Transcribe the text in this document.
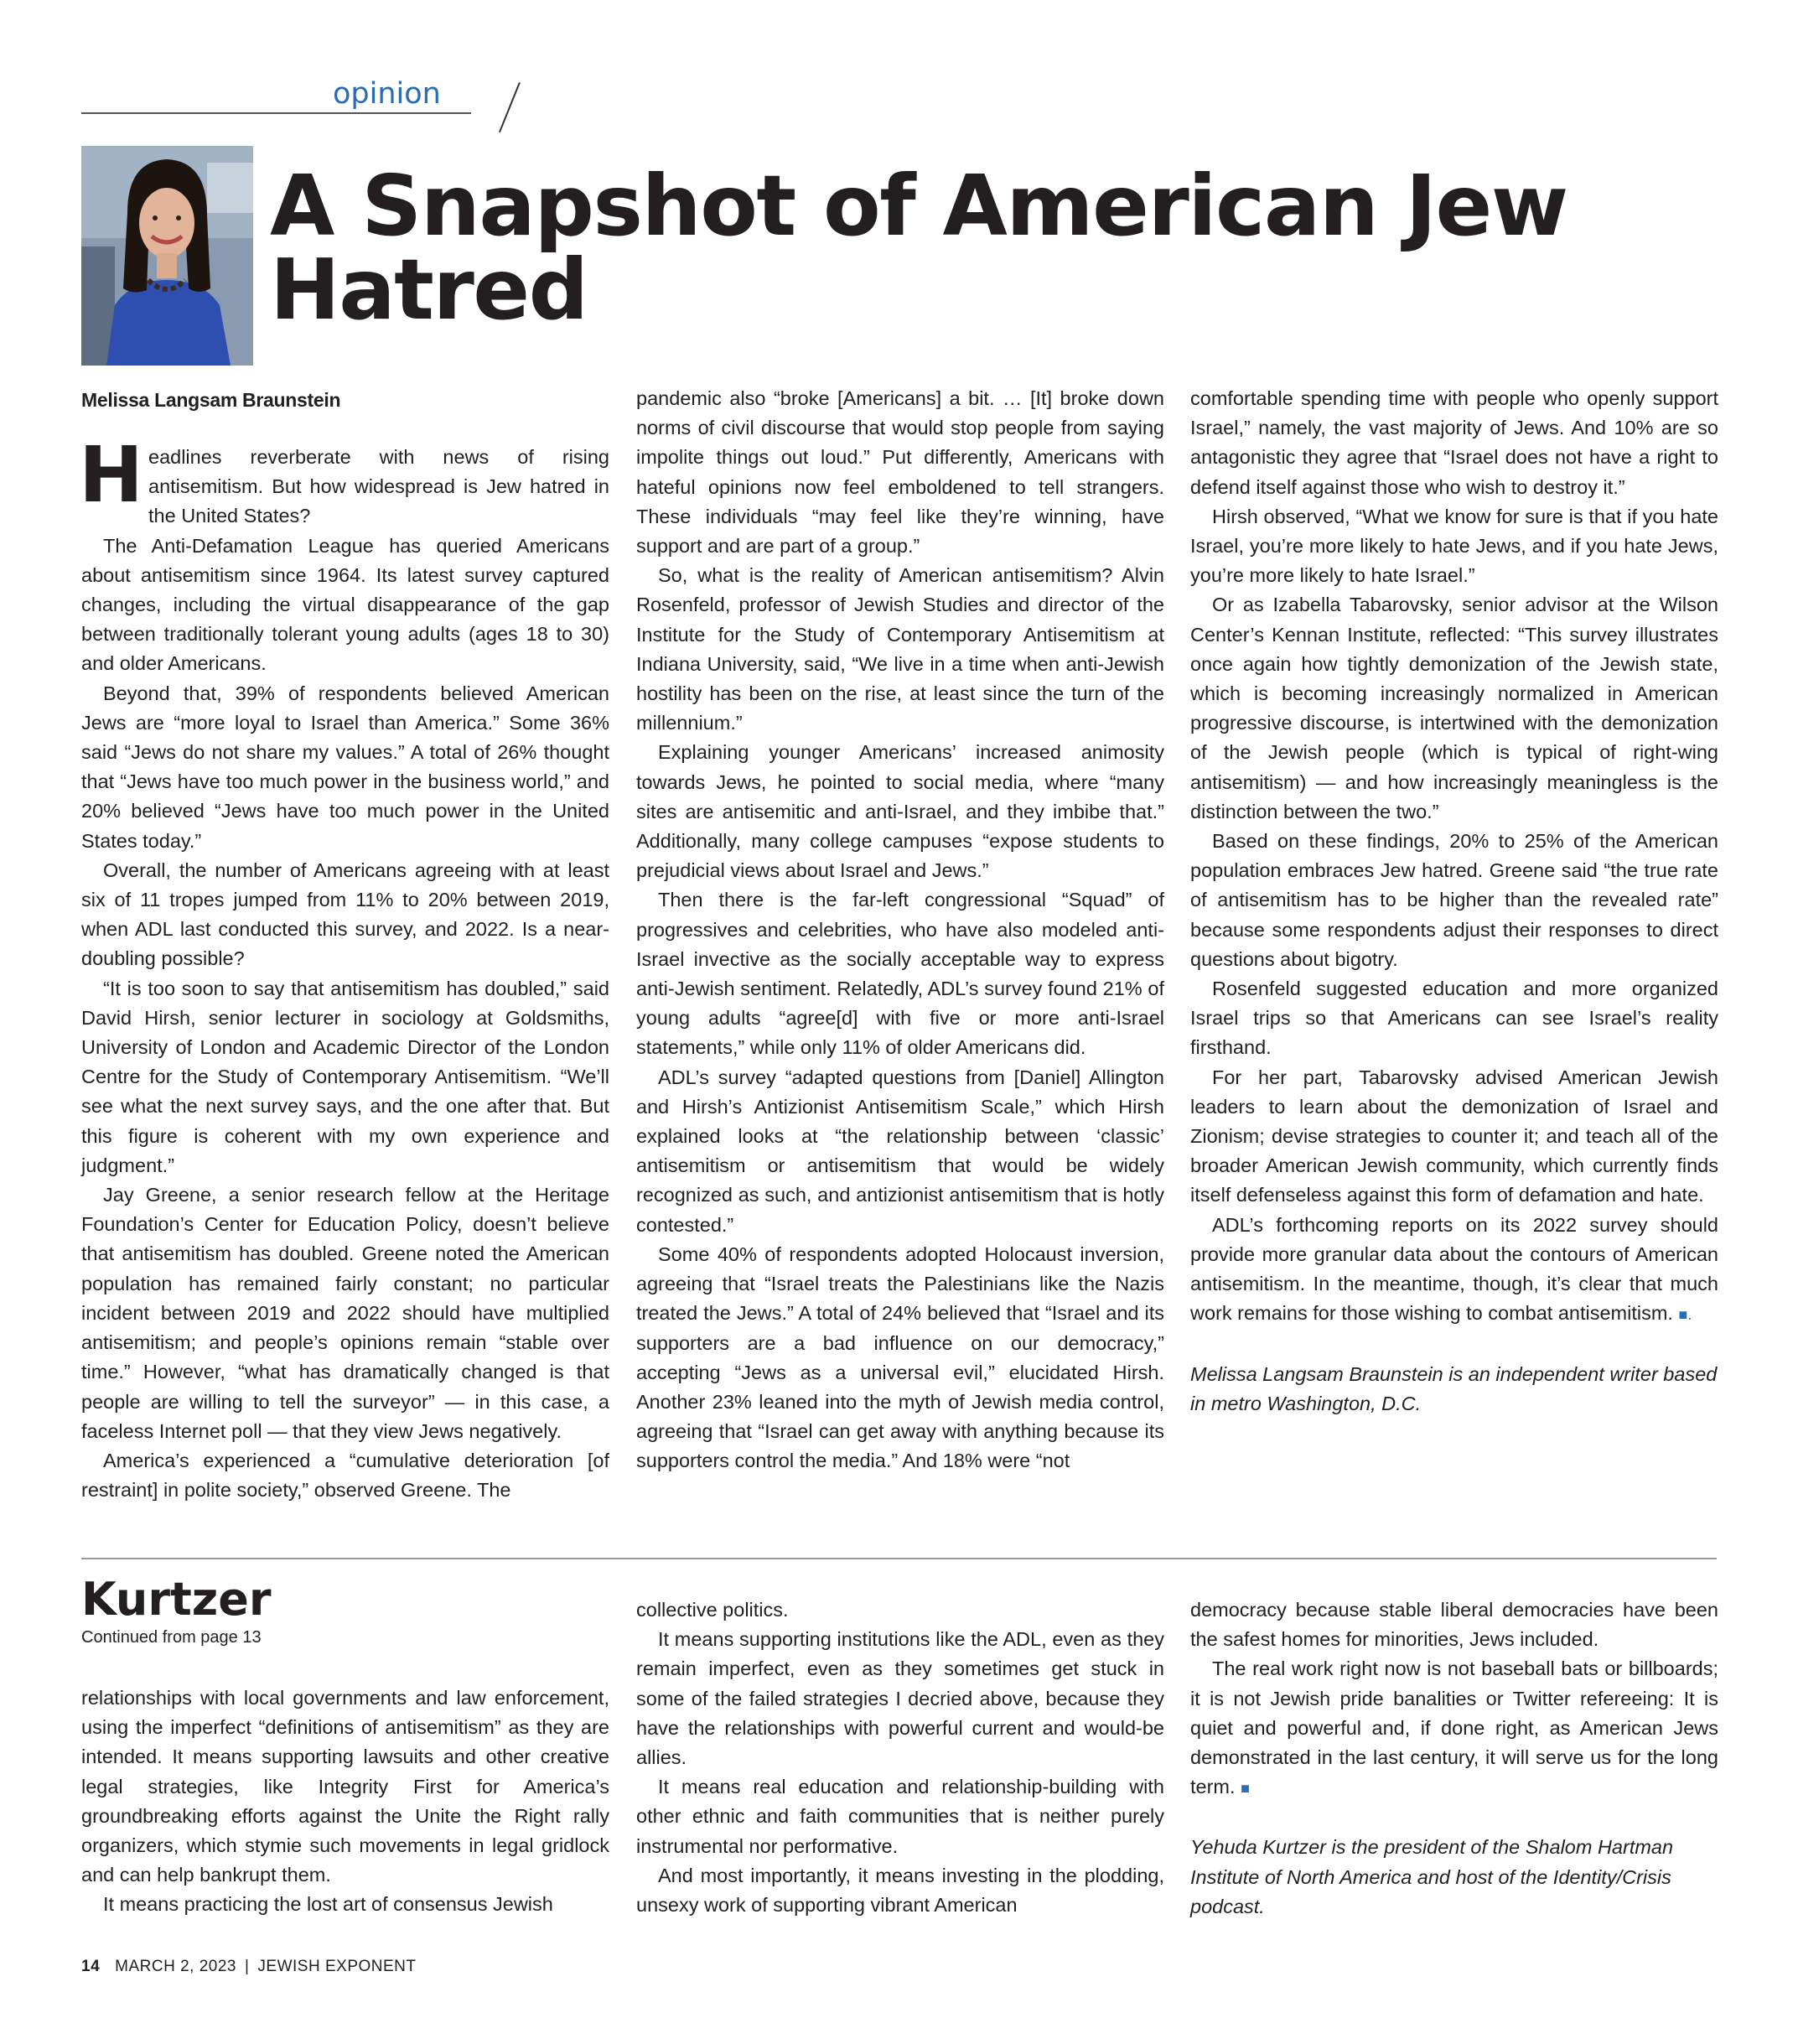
opinion
A Snapshot of American Jew Hatred
Melissa Langsam Braunstein

Headlines reverberate with news of rising antisemitism. But how widespread is Jew hatred in the United States?

The Anti-Defamation League has queried Americans about antisemitism since 1964. Its latest survey captured changes, including the virtual disappearance of the gap between traditionally tolerant young adults (ages 18 to 30) and older Americans.

Beyond that, 39% of respondents believed American Jews are “more loyal to Israel than America.” Some 36% said “Jews do not share my values.” A total of 26% thought that “Jews have too much power in the business world,” and 20% believed “Jews have too much power in the United States today.”

Overall, the number of Americans agreeing with at least six of 11 tropes jumped from 11% to 20% between 2019, when ADL last conducted this survey, and 2022. Is a near-doubling possible?

“It is too soon to say that antisemitism has doubled,” said David Hirsh, senior lecturer in sociology at Goldsmiths, University of London and Academic Director of the London Centre for the Study of Contemporary Antisemitism. “We’ll see what the next survey says, and the one after that. But this figure is coherent with my own experience and judgment.”

Jay Greene, a senior research fellow at the Heritage Foundation’s Center for Education Policy, doesn’t believe that antisemitism has doubled. Greene noted the American population has remained fairly constant; no particular incident between 2019 and 2022 should have multiplied antisemitism; and people’s opinions remain “stable over time.” However, “what has dramatically changed is that people are willing to tell the surveyor” — in this case, a faceless Internet poll — that they view Jews negatively.

America’s experienced a “cumulative deterioration [of restraint] in polite society,” observed Greene. The

pandemic also “broke [Americans] a bit. … [It] broke down norms of civil discourse that would stop people from saying impolite things out loud.” Put differently, Americans with hateful opinions now feel emboldened to tell strangers. These individuals “may feel like they’re winning, have support and are part of a group.”

So, what is the reality of American antisemitism? Alvin Rosenfeld, professor of Jewish Studies and director of the Institute for the Study of Contemporary Antisemitism at Indiana University, said, “We live in a time when anti-Jewish hostility has been on the rise, at least since the turn of the millennium.”

Explaining younger Americans’ increased animosity towards Jews, he pointed to social media, where “many sites are antisemitic and anti-Israel, and they imbibe that.” Additionally, many college campuses “expose students to prejudicial views about Israel and Jews.”

Then there is the far-left congressional “Squad” of progressives and celebrities, who have also modeled anti-Israel invective as the socially acceptable way to express anti-Jewish sentiment. Relatedly, ADL’s survey found 21% of young adults “agree[d] with five or more anti-Israel statements,” while only 11% of older Americans did.

ADL’s survey “adapted questions from [Daniel] Allington and Hirsh’s Antizionist Antisemitism Scale,” which Hirsh explained looks at “the relationship between ‘classic’ antisemitism or antisemitism that would be widely recognized as such, and antizionist antisemitism that is hotly contested.”

Some 40% of respondents adopted Holocaust inversion, agreeing that “Israel treats the Palestinians like the Nazis treated the Jews.” A total of 24% believed that “Israel and its supporters are a bad influence on our democracy,” accepting “Jews as a universal evil,” elucidated Hirsh. Another 23% leaned into the myth of Jewish media control, agreeing that “Israel can get away with anything because its supporters control the media.” And 18% were “not

comfortable spending time with people who openly support Israel,” namely, the vast majority of Jews. And 10% are so antagonistic they agree that “Israel does not have a right to defend itself against those who wish to destroy it.”

Hirsh observed, “What we know for sure is that if you hate Israel, you’re more likely to hate Jews, and if you hate Jews, you’re more likely to hate Israel.”

Or as Izabella Tabarovsky, senior advisor at the Wilson Center’s Kennan Institute, reflected: “This survey illustrates once again how tightly demonization of the Jewish state, which is becoming increasingly normalized in American progressive discourse, is intertwined with the demonization of the Jewish people (which is typical of right-wing antisemitism) — and how increasingly meaningless is the distinction between the two.”

Based on these findings, 20% to 25% of the American population embraces Jew hatred. Greene said “the true rate of antisemitism has to be higher than the revealed rate” because some respondents adjust their responses to direct questions about bigotry.

Rosenfeld suggested education and more organized Israel trips so that Americans can see Israel’s reality firsthand.

For her part, Tabarovsky advised American Jewish leaders to learn about the demonization of Israel and Zionism; devise strategies to counter it; and teach all of the broader American Jewish community, which currently finds itself defenseless against this form of defamation and hate.

ADL’s forthcoming reports on its 2022 survey should provide more granular data about the contours of American antisemitism. In the meantime, though, it’s clear that much work remains for those wishing to combat antisemitism. ■.

Melissa Langsam Braunstein is an independent writer based in metro Washington, D.C.

Kurtzer
Continued from page 13

relationships with local governments and law enforcement, using the imperfect “definitions of antisemitism” as they are intended. It means supporting lawsuits and other creative legal strategies, like Integrity First for America’s groundbreaking efforts against the Unite the Right rally organizers, which stymie such movements in legal gridlock and can help bankrupt them.

It means practicing the lost art of consensus Jewish

collective politics.

It means supporting institutions like the ADL, even as they remain imperfect, even as they sometimes get stuck in some of the failed strategies I decried above, because they have the relationships with powerful current and would-be allies.

It means real education and relationship-building with other ethnic and faith communities that is neither purely instrumental nor performative.

And most importantly, it means investing in the plodding, unsexy work of supporting vibrant American

democracy because stable liberal democracies have been the safest homes for minorities, Jews included.

The real work right now is not baseball bats or billboards; it is not Jewish pride banalities or Twitter refereeing: It is quiet and powerful and, if done right, as American Jews demonstrated in the last century, it will serve us for the long term. ■

Yehuda Kurtzer is the president of the Shalom Hartman Institute of North America and host of the Identity/Crisis podcast.

14 MARCH 2, 2023 | JEWISH EXPONENT
